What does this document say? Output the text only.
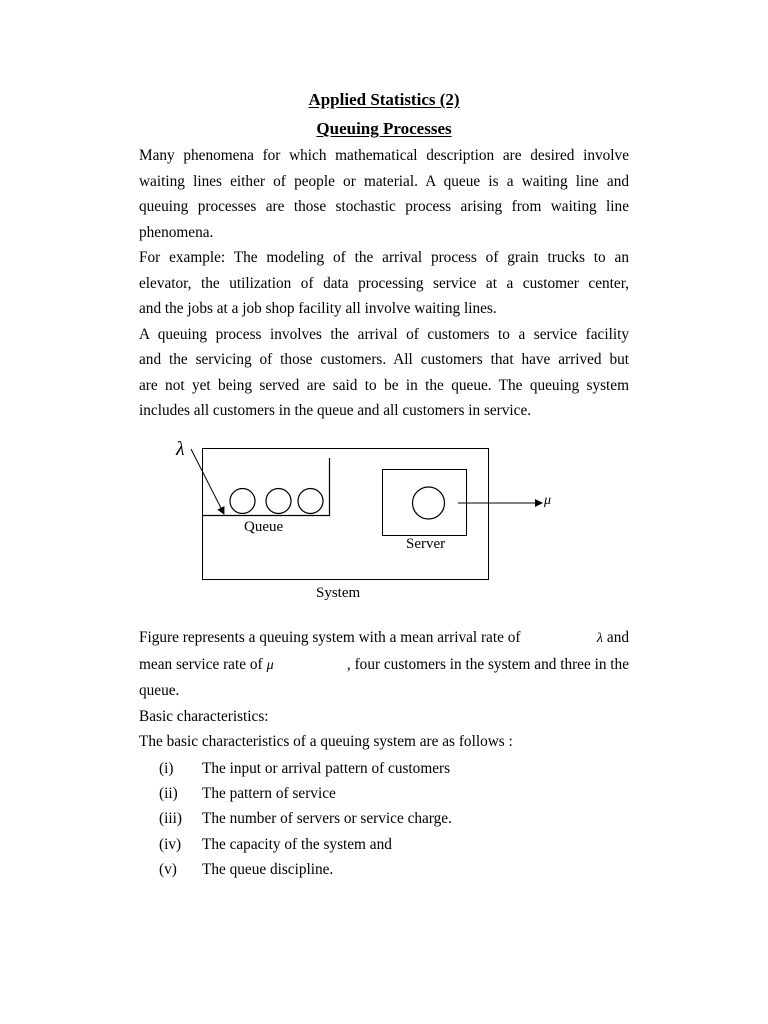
Applied Statistics (2)
Queuing Processes
Many phenomena for which mathematical description are desired involve
waiting lines either of people or material. A queue is a waiting line and
queuing processes are those stochastic process arising from waiting line
phenomena.
For example: The modeling of the arrival process of grain trucks to an
elevator, the utilization of data processing service at a customer center,
and the jobs at a job shop facility all involve waiting lines.
A queuing process involves the arrival of customers to a service facility
and the servicing of those customers. All customers that have arrived but
are not yet being served are said to be in the queue. The queuing system
includes all customers in the queue and all customers in service.
λ
μ
Queue
Server
System
Figure represents a queuing system with a mean arrival rate of	λ and
mean service rate of μ	, four customers in the system and three in the
queue.
Basic characteristics:
The basic characteristics of a queuing system are as follows :
(i)	The input or arrival pattern of customers
(ii)	The pattern of service
(iii)	The number of servers or service charge.
(iv)	The capacity of the system and
(v)	The queue discipline.
